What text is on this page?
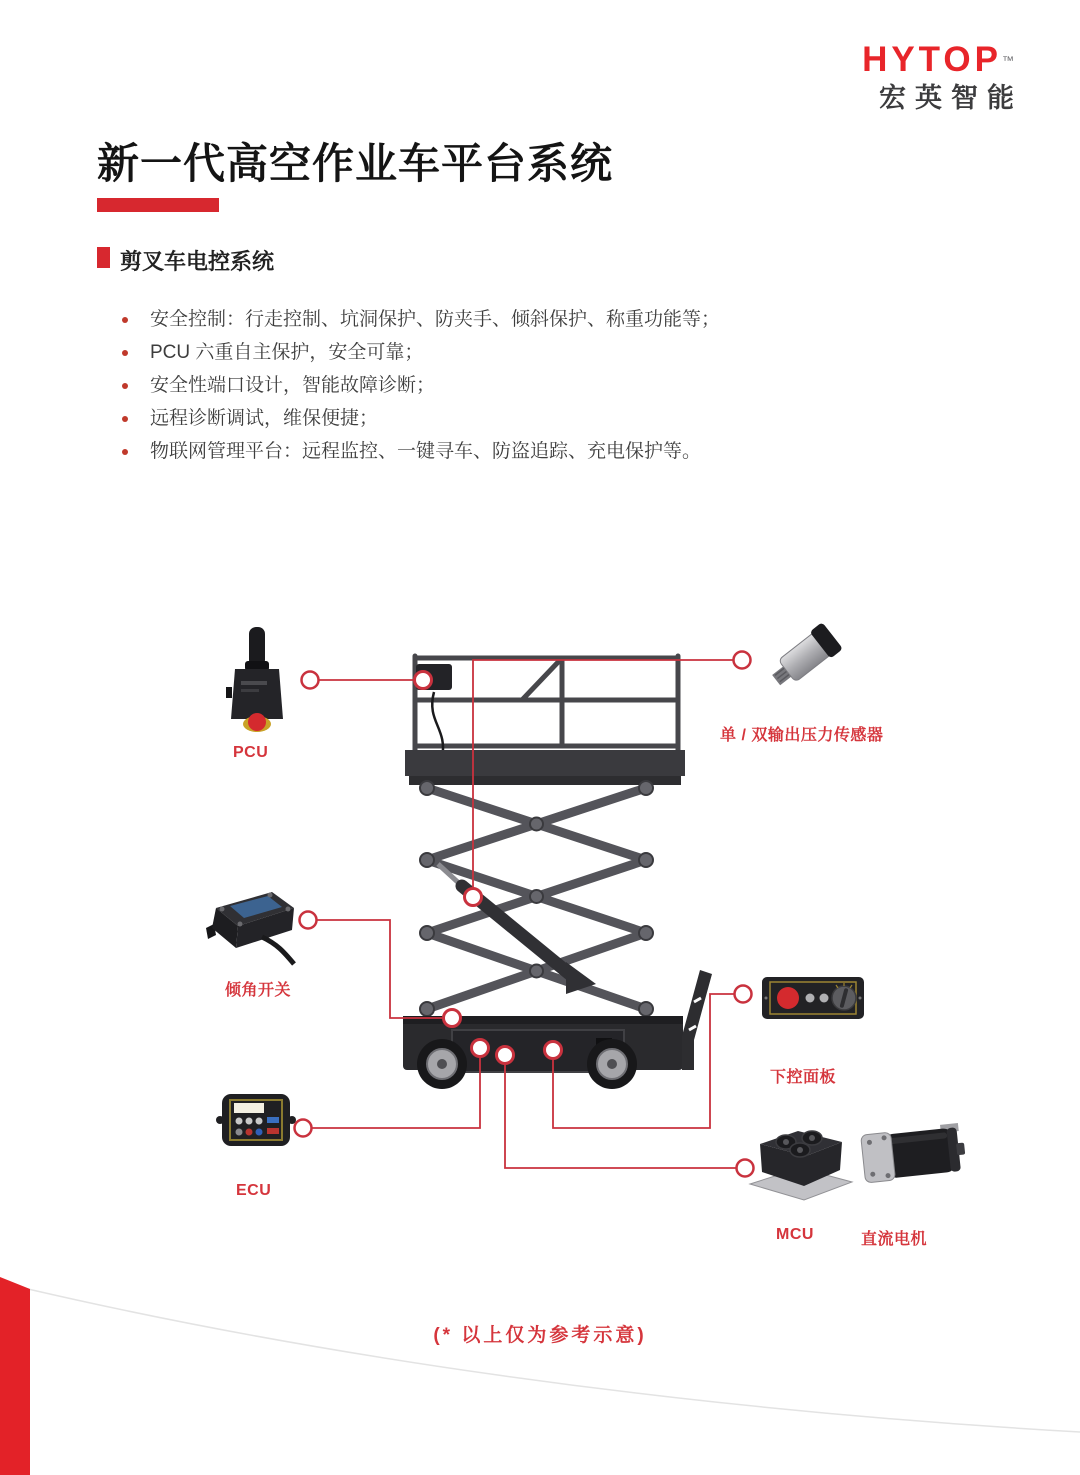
HYTOP™
宏英智能
新一代高空作业车平台系统
剪叉车电控系统
安全控制：行走控制、坑洞保护、防夹手、倾斜保护、称重功能等；
PCU 六重自主保护，安全可靠；
安全性端口设计，智能故障诊断；
远程诊断调试，维保便捷；
物联网管理平台：远程监控、一键寻车、防盗追踪、充电保护等。
PCU
单 / 双输出压力传感器
倾角开关
ECU
下控面板
MCU	直流电机
(* 以上仅为参考示意)
